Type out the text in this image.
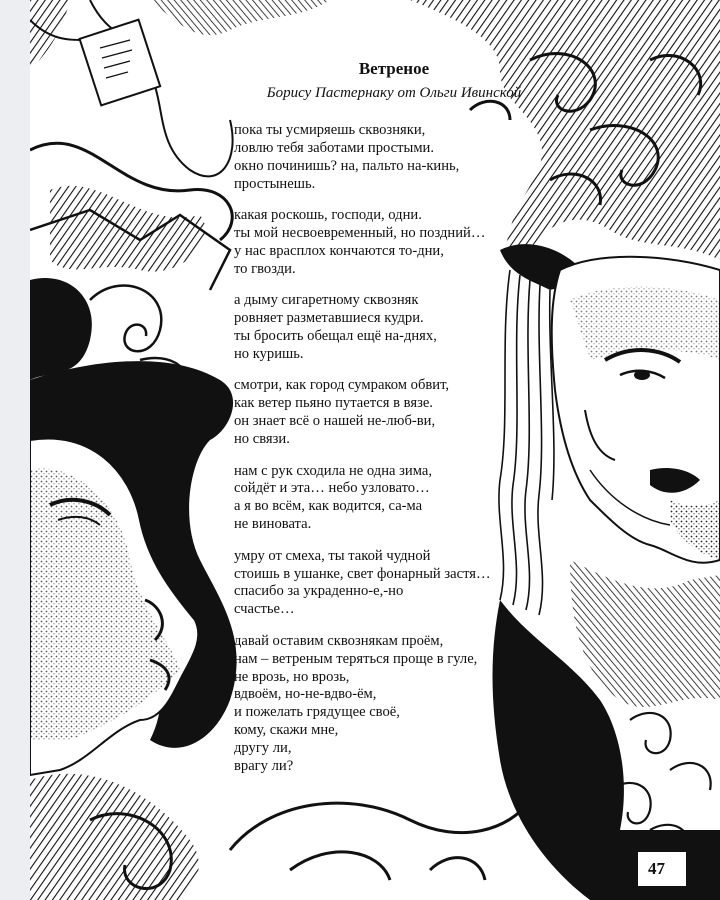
Ветреное
Борису Пастернаку от Ольги Ивинской
пока ты усмиряешь сквозняки,
ловлю тебя заботами простыми.
окно починишь? на, пальто на-кинь,
простынешь.
какая роскошь, господи, одни.
ты мой несвоевременный, но поздний…
у нас врасплох кончаются то-дни,
то гвозди.
а дыму сигаретному сквозняк
ровняет разметавшиеся кудри.
ты бросить обещал ещё на-днях,
но куришь.
смотри, как город сумраком обвит,
как ветер пьяно путается в вязе.
он знает всё о нашей не-люб-ви,
но связи.
нам с рук сходила не одна зима,
сойдёт и эта… небо узловато…
а я во всём, как водится, са-ма
не виновата.
умру от смеха, ты такой чудной
стоишь в ушанке, свет фонарный застя…
спасибо за украденно-е,-но
счастье…
давай оставим сквознякам проём,
нам – ветреным теряться проще в гуле,
не врозь, но врозь,
вдвоём, но-не-вдво-ём,
и пожелать грядущее своё,
кому, скажи мне,
другу ли,
врагу ли?
47
